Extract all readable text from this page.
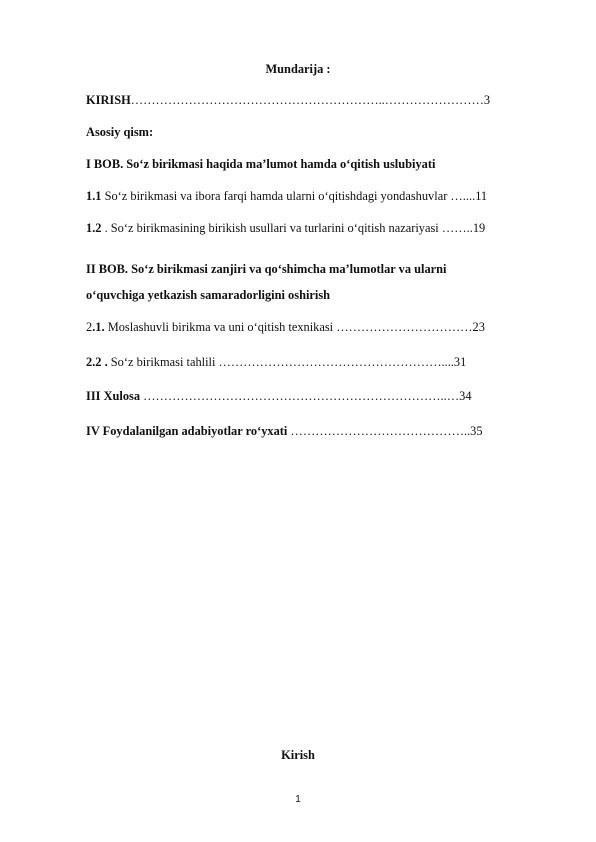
Mundarija :
KIRISH……………………………………………………..……………………3
Asosiy qism:
I BOB. So‘z birikmasi haqida ma’lumot hamda o‘qitish uslubiyati
1.1 So‘z birikmasi va ibora farqi hamda ularni o‘qitishdagi yondashuvlar …....11
1.2 . So‘z birikmasining birikish usullari va turlarini o‘qitish nazariyasi ……..19
II BOB. So‘z birikmasi zanjiri va qo‘shimcha ma’lumotlar va ularni
o‘quvchiga yetkazish samaradorligini oshirish
2.1. Moslashuvli birikma va uni o‘qitish texnikasi ……………………………23
2.2 . So‘z birikmasi tahlili ………………………………………………....31
III Xulosa ………………………………………………………………..…34
IV Foydalanilgan adabiyotlar ro‘yxati ……………………………………..35
Kirish
1
